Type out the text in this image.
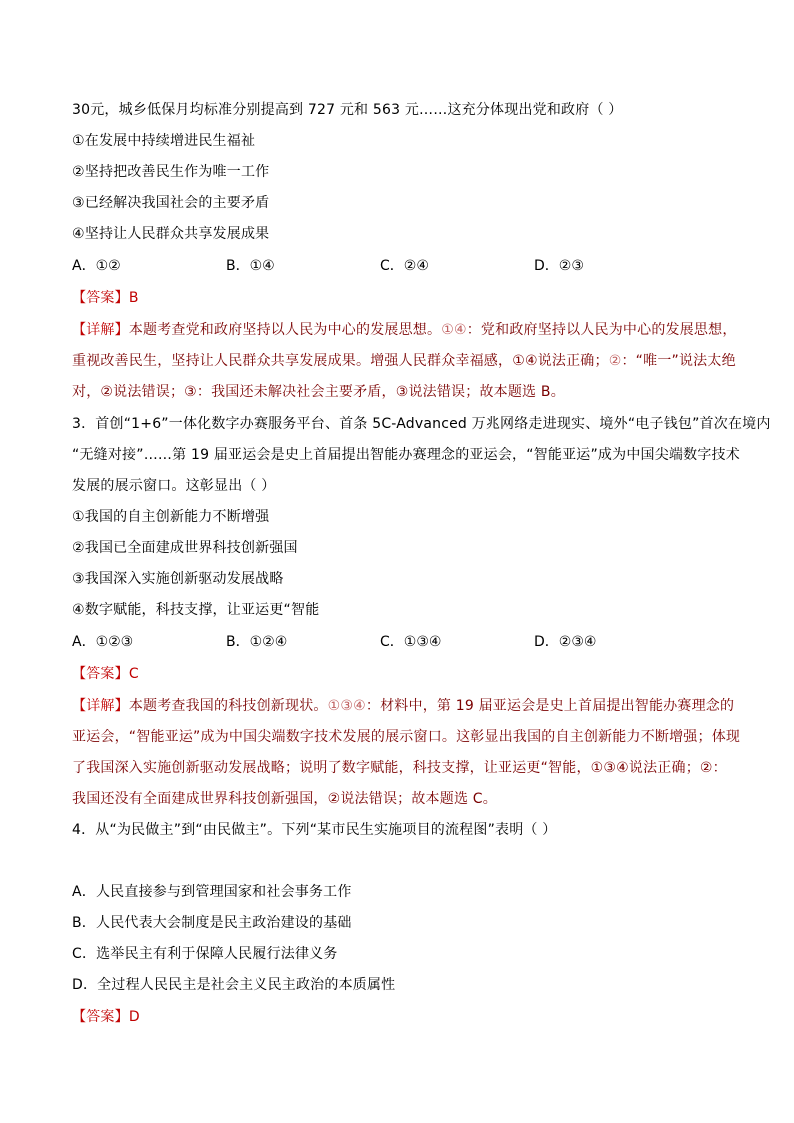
30元，城乡低保月均标准分别提高到 727 元和 563 元……这充分体现出党和政府（ ）
①在发展中持续增进民生福祉
②坚持把改善民生作为唯一工作
③已经解决我国社会的主要矛盾
④坚持让人民群众共享发展成果
A．①②	B．①④	C．②④	D．②③
【答案】B
【详解】本题考查党和政府坚持以人民为中心的发展思想。①④：党和政府坚持以人民为中心的发展思想，
重视改善民生，坚持让人民群众共享发展成果。增强人民群众幸福感，①④说法正确；②：“唯一”说法太绝
对，②说法错误；③：我国还未解决社会主要矛盾，③说法错误；故本题选 B。
3．首创“1+6”一体化数字办赛服务平台、首条 5C-Advanced 万兆网络走进现实、境外“电子钱包”首次在境内
“无缝对接”……第 19 届亚运会是史上首届提出智能办赛理念的亚运会，“智能亚运”成为中国尖端数字技术
发展的展示窗口。这彰显出（ ）
①我国的自主创新能力不断增强
②我国已全面建成世界科技创新强国
③我国深入实施创新驱动发展战略
④数字赋能，科技支撑，让亚运更“智能
A．①②③	B．①②④	C．①③④	D．②③④
【答案】C
【详解】本题考查我国的科技创新现状。①③④：材料中，第 19 届亚运会是史上首届提出智能办赛理念的
亚运会，“智能亚运”成为中国尖端数字技术发展的展示窗口。这彰显出我国的自主创新能力不断增强；体现
了我国深入实施创新驱动发展战略；说明了数字赋能，科技支撑，让亚运更“智能，①③④说法正确；②：
我国还没有全面建成世界科技创新强国，②说法错误；故本题选 C。
4．从“为民做主”到“由民做主”。下列“某市民生实施项目的流程图”表明（ ）
A．人民直接参与到管理国家和社会事务工作
B．人民代表大会制度是民主政治建设的基础
C．选举民主有利于保障人民履行法律义务
D．全过程人民民主是社会主义民主政治的本质属性
【答案】D
